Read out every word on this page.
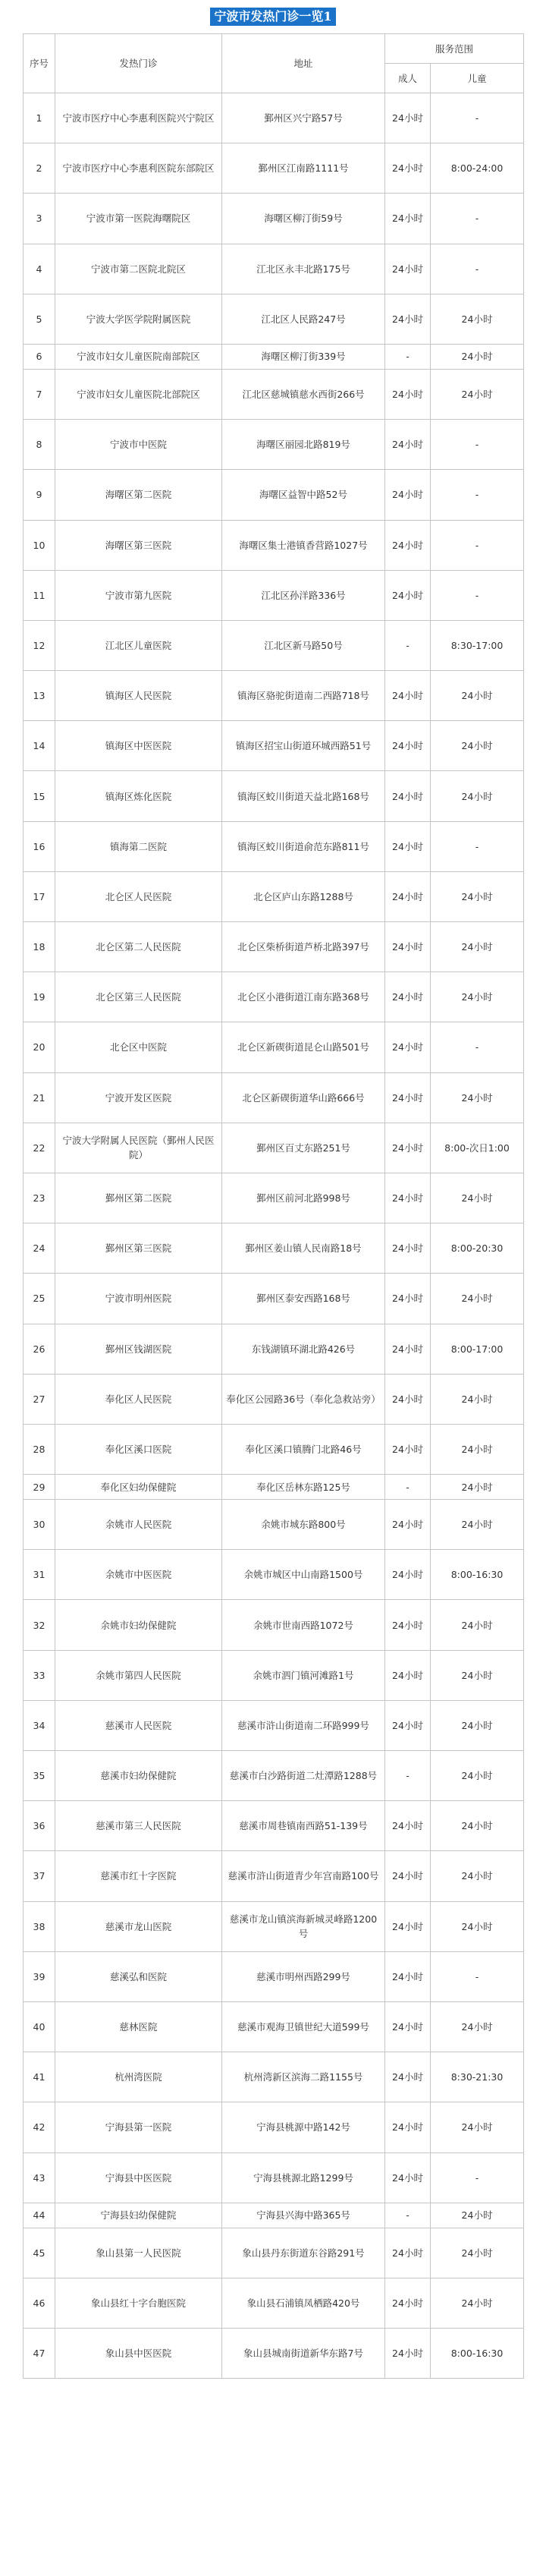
宁波市发热门诊一览1
序号	发热门诊	地址	服务范围	
			成人	儿童
1	宁波市医疗中心李惠利医院兴宁院区	鄞州区兴宁路57号	24小时	-
2	宁波市医疗中心李惠利医院东部院区	鄞州区江南路1111号	24小时	8:00-24:00
3	宁波市第一医院海曙院区	海曙区柳汀街59号	24小时	-
4	宁波市第二医院北院区	江北区永丰北路175号	24小时	-
5	宁波大学医学院附属医院	江北区人民路247号	24小时	24小时
6	宁波市妇女儿童医院南部院区	海曙区柳汀街339号	-	24小时
7	宁波市妇女儿童医院北部院区	江北区慈城镇慈水西街266号	24小时	24小时
8	宁波市中医院	海曙区丽园北路819号	24小时	-
9	海曙区第二医院	海曙区益智中路52号	24小时	-
10	海曙区第三医院	海曙区集士港镇香营路1027号	24小时	-
11	宁波市第九医院	江北区孙洋路336号	24小时	-
12	江北区儿童医院	江北区新马路50号	-	8:30-17:00
13	镇海区人民医院	镇海区骆驼街道南二西路718号	24小时	24小时
14	镇海区中医医院	镇海区招宝山街道环城西路51号	24小时	24小时
15	镇海区炼化医院	镇海区蛟川街道天益北路168号	24小时	24小时
16	镇海第二医院	镇海区蛟川街道俞范东路811号	24小时	-
17	北仑区人民医院	北仑区庐山东路1288号	24小时	24小时
18	北仑区第二人民医院	北仑区柴桥街道芦桥北路397号	24小时	24小时
19	北仑区第三人民医院	北仑区小港街道江南东路368号	24小时	24小时
20	北仑区中医院	北仑区新碶街道昆仑山路501号	24小时	-
21	宁波开发区医院	北仑区新碶街道华山路666号	24小时	24小时
22	宁波大学附属人民医院（鄞州人民医院）	鄞州区百丈东路251号	24小时	8:00-次日1:00
23	鄞州区第二医院	鄞州区前河北路998号	24小时	24小时
24	鄞州区第三医院	鄞州区姜山镇人民南路18号	24小时	8:00-20:30
25	宁波市明州医院	鄞州区泰安西路168号	24小时	24小时
26	鄞州区钱湖医院	东钱湖镇环湖北路426号	24小时	8:00-17:00
27	奉化区人民医院	奉化区公园路36号（奉化急救站旁）	24小时	24小时
28	奉化区溪口医院	奉化区溪口镇腾门北路46号	24小时	24小时
29	奉化区妇幼保健院	奉化区岳林东路125号	-	24小时
30	余姚市人民医院	余姚市城东路800号	24小时	24小时
31	余姚市中医医院	余姚市城区中山南路1500号	24小时	8:00-16:30
32	余姚市妇幼保健院	余姚市世南西路1072号	24小时	24小时
33	余姚市第四人民医院	余姚市泗门镇河滩路1号	24小时	24小时
34	慈溪市人民医院	慈溪市浒山街道南二环路999号	24小时	24小时
35	慈溪市妇幼保健院	慈溪市白沙路街道二灶潭路1288号	-	24小时
36	慈溪市第三人民医院	慈溪市周巷镇南西路51-139号	24小时	24小时
37	慈溪市红十字医院	慈溪市浒山街道青少年宫南路100号	24小时	24小时
38	慈溪市龙山医院	慈溪市龙山镇滨海新城灵峰路1200号	24小时	24小时
39	慈溪弘和医院	慈溪市明州西路299号	24小时	-
40	慈林医院	慈溪市观海卫镇世纪大道599号	24小时	24小时
41	杭州湾医院	杭州湾新区滨海二路1155号	24小时	8:30-21:30
42	宁海县第一医院	宁海县桃源中路142号	24小时	24小时
43	宁海县中医医院	宁海县桃源北路1299号	24小时	-
44	宁海县妇幼保健院	宁海县兴海中路365号	-	24小时
45	象山县第一人民医院	象山县丹东街道东谷路291号	24小时	24小时
46	象山县红十字台胞医院	象山县石浦镇凤栖路420号	24小时	24小时
47	象山县中医医院	象山县城南街道新华东路7号	24小时	8:00-16:30
